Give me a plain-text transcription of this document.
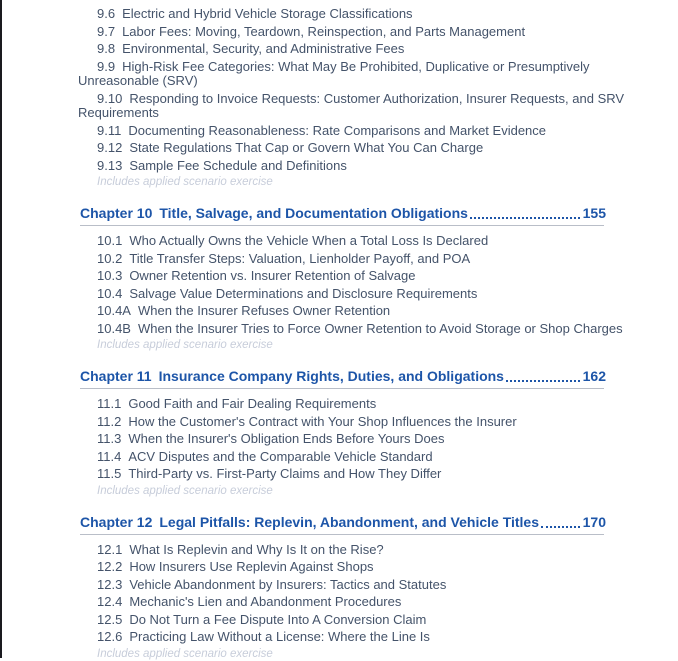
9.6 Electric and Hybrid Vehicle Storage Classifications

9.7 Labor Fees: Moving, Teardown, Reinspection, and Parts Management

9.8 Environmental, Security, and Administrative Fees

9.9 High-Risk Fee Categories: What May Be Prohibited, Duplicative or Presumptively Unreasonable (SRV)

9.10 Responding to Invoice Requests: Customer Authorization, Insurer Requests, and SRV Requirements

9.11 Documenting Reasonableness: Rate Comparisons and Market Evidence

9.12 State Regulations That Cap or Govern What You Can Charge

9.13 Sample Fee Schedule and Definitions

Includes applied scenario exercise

Chapter 10 Title, Salvage, and Documentation Obligations	155

10.1 Who Actually Owns the Vehicle When a Total Loss Is Declared

10.2 Title Transfer Steps: Valuation, Lienholder Payoff, and POA

10.3 Owner Retention vs. Insurer Retention of Salvage

10.4 Salvage Value Determinations and Disclosure Requirements

10.4A When the Insurer Refuses Owner Retention

10.4B When the Insurer Tries to Force Owner Retention to Avoid Storage or Shop Charges

Includes applied scenario exercise

Chapter 11 Insurance Company Rights, Duties, and Obligations	162

11.1 Good Faith and Fair Dealing Requirements

11.2 How the Customer's Contract with Your Shop Influences the Insurer

11.3 When the Insurer's Obligation Ends Before Yours Does

11.4 ACV Disputes and the Comparable Vehicle Standard

11.5 Third-Party vs. First-Party Claims and How They Differ

Includes applied scenario exercise

Chapter 12 Legal Pitfalls: Replevin, Abandonment, and Vehicle Titles	170

12.1 What Is Replevin and Why Is It on the Rise?

12.2 How Insurers Use Replevin Against Shops

12.3 Vehicle Abandonment by Insurers: Tactics and Statutes

12.4 Mechanic's Lien and Abandonment Procedures

12.5 Do Not Turn a Fee Dispute Into A Conversion Claim

12.6 Practicing Law Without a License: Where the Line Is

Includes applied scenario exercise
